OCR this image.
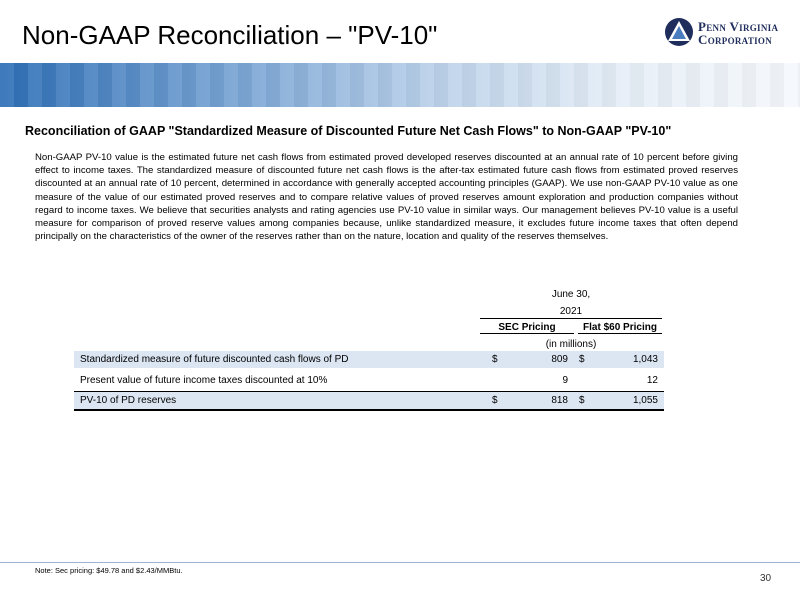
Non-GAAP Reconciliation – "PV-10"	Penn Virginia
Corporation
Reconciliation of GAAP "Standardized Measure of Discounted Future Net Cash Flows" to Non-GAAP "PV-10"

Non-GAAP PV-10 value is the estimated future net cash flows from estimated proved developed reserves discounted at an annual rate of 10 percent before giving effect to income taxes. The standardized measure of discounted future net cash flows is the after-tax estimated future cash flows from estimated proved reserves discounted at an annual rate of 10 percent, determined in accordance with generally accepted accounting principles (GAAP). We use non-GAAP PV-10 value as one measure of the value of our estimated proved reserves and to compare relative values of proved reserves amount exploration and production companies without regard to income taxes. We believe that securities analysts and rating agencies use PV-10 value in similar ways. Our management believes PV-10 value is a useful measure for comparison of proved reserve values among companies because, unlike standardized measure, it excludes future income taxes that often depend principally on the characteristics of the owner of the reserves rather than on the nature, location and quality of the reserves themselves.

June 30,
2021
SEC Pricing	Flat $60 Pricing
(in millions)
Standardized measure of future discounted cash flows of PD	$	809 $	1,043
Present value of future income taxes discounted at 10%	9	12
PV-10 of PD reserves	$	818 $	1,055
Note: Sec pricing: $49.78 and $2.43/MMBtu.
30
